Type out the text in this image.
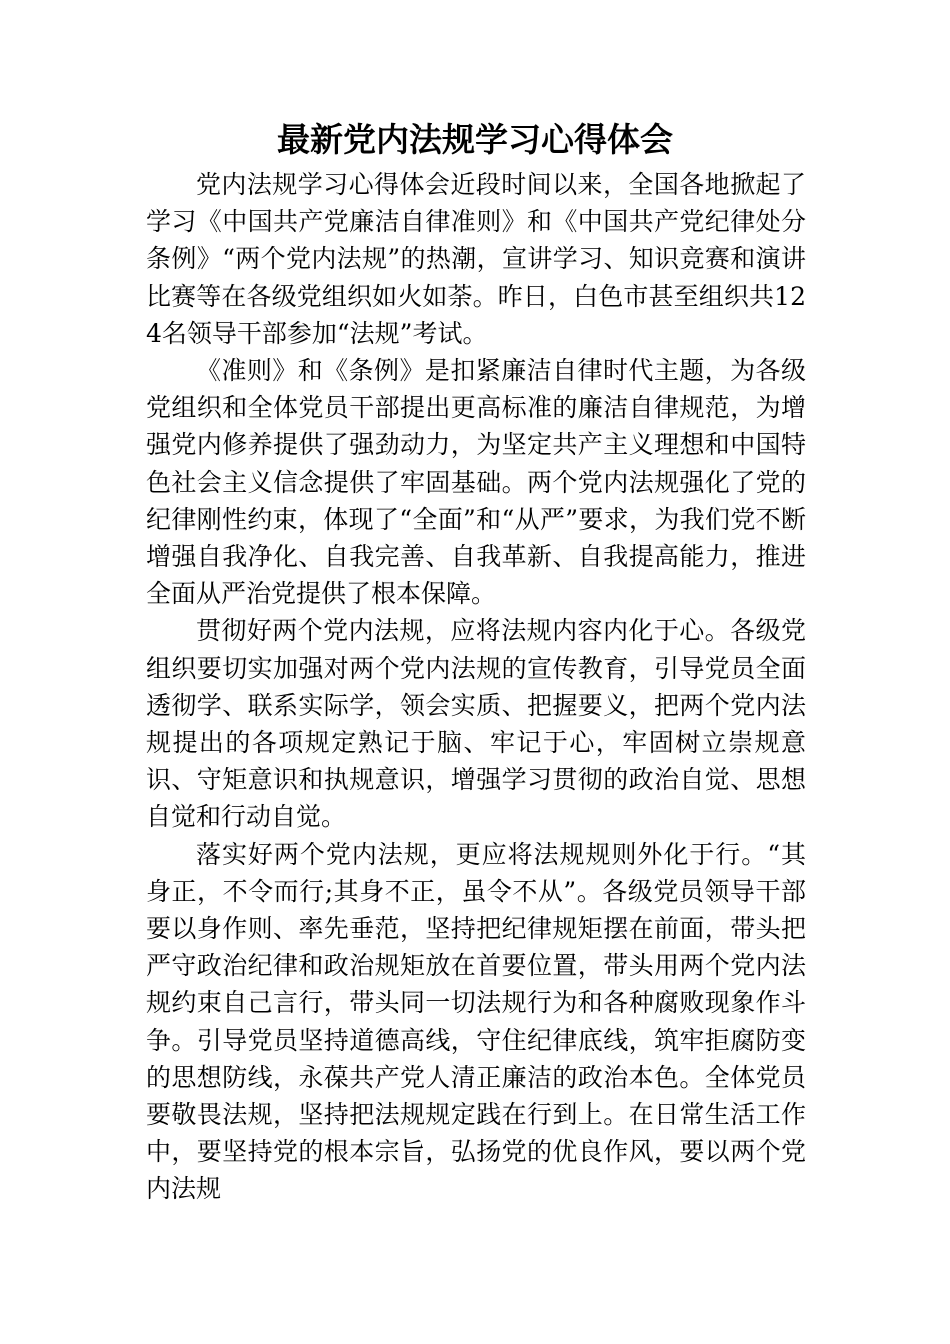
最新党内法规学习心得体会

党内法规学习心得体会近段时间以来，全国各地掀起了学习《中国共产党廉洁自律准则》和《中国共产党纪律处分条例》“两个党内法规”的热潮，宣讲学习、知识竞赛和演讲比赛等在各级党组织如火如荼。昨日，白色市甚至组织共124名领导干部参加“法规”考试。

《准则》和《条例》是扣紧廉洁自律时代主题，为各级党组织和全体党员干部提出更高标准的廉洁自律规范，为增强党内修养提供了强劲动力，为坚定共产主义理想和中国特色社会主义信念提供了牢固基础。两个党内法规强化了党的纪律刚性约束，体现了“全面”和“从严”要求，为我们党不断增强自我净化、自我完善、自我革新、自我提高能力，推进全面从严治党提供了根本保障。

贯彻好两个党内法规，应将法规内容内化于心。各级党组织要切实加强对两个党内法规的宣传教育，引导党员全面透彻学、联系实际学，领会实质、把握要义，把两个党内法规提出的各项规定熟记于脑、牢记于心，牢固树立崇规意识、守矩意识和执规意识，增强学习贯彻的政治自觉、思想自觉和行动自觉。

落实好两个党内法规，更应将法规规则外化于行。“其身正，不令而行;其身不正，虽令不从”。各级党员领导干部要以身作则、率先垂范，坚持把纪律规矩摆在前面，带头把严守政治纪律和政治规矩放在首要位置，带头用两个党内法规约束自己言行，带头同一切法规行为和各种腐败现象作斗争。引导党员坚持道德高线，守住纪律底线，筑牢拒腐防变的思想防线，永葆共产党人清正廉洁的政治本色。全体党员要敬畏法规，坚持把法规规定践在行到上。在日常生活工作中，要坚持党的根本宗旨，弘扬党的优良作风，要以两个党内法规
